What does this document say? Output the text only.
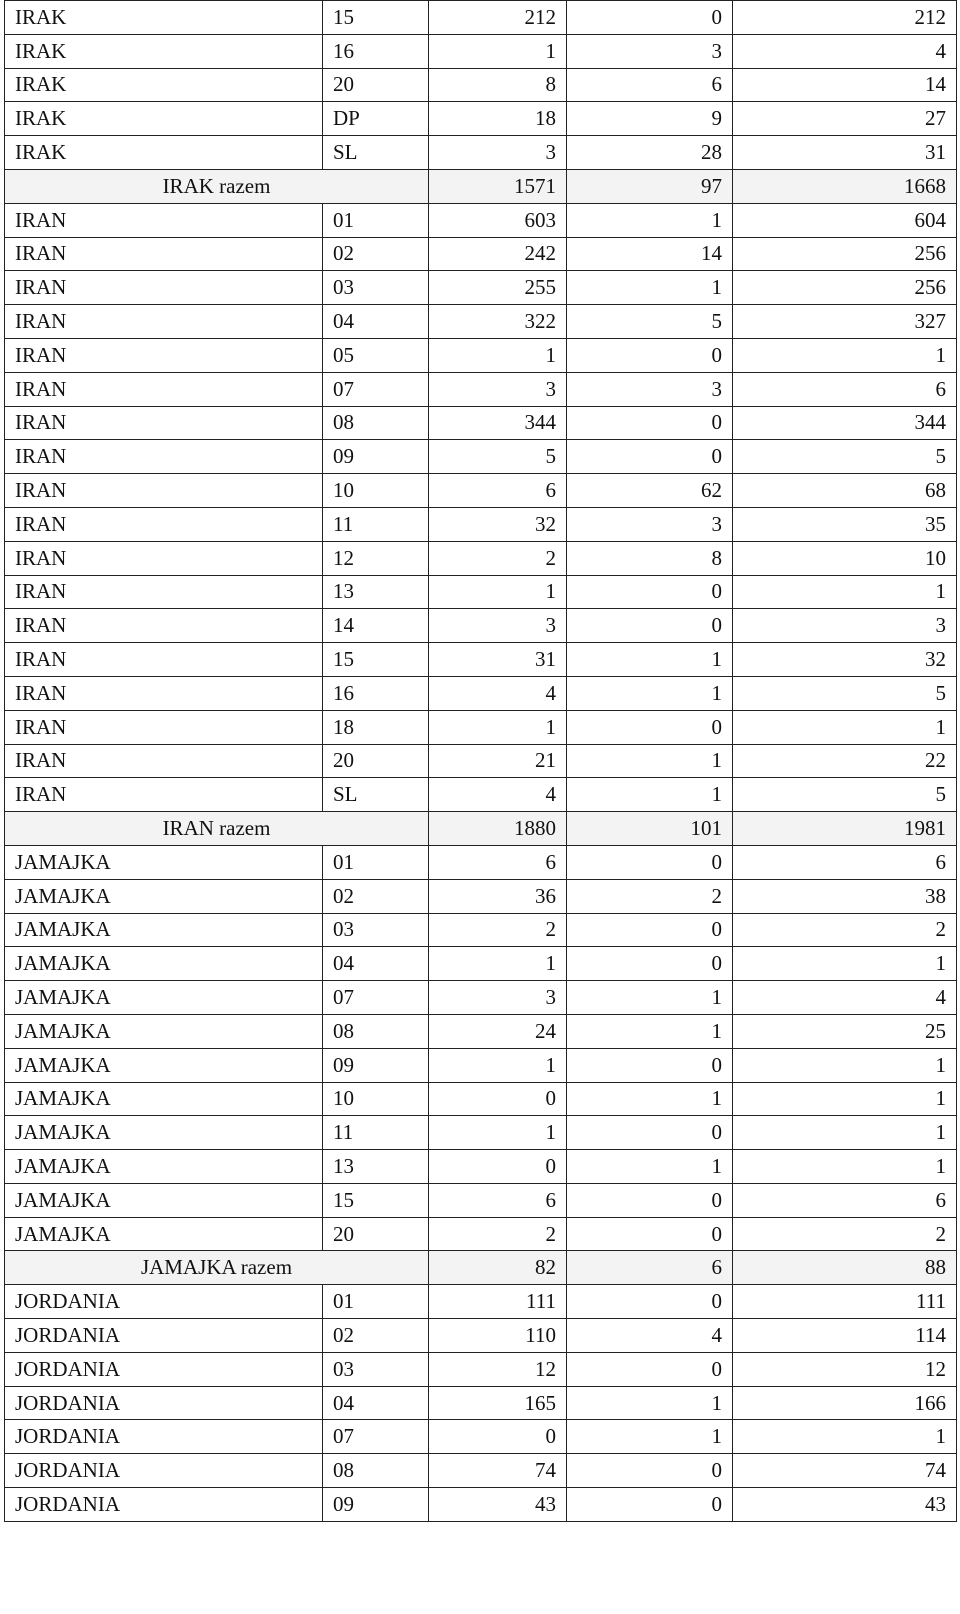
IRAK	15	212	0	212
IRAK	16	1	3	4
IRAK	20	8	6	14
IRAK	DP	18	9	27
IRAK	SL	3	28	31
IRAK razem		1571	97	1668
IRAN	01	603	1	604
IRAN	02	242	14	256
IRAN	03	255	1	256
IRAN	04	322	5	327
IRAN	05	1	0	1
IRAN	07	3	3	6
IRAN	08	344	0	344
IRAN	09	5	0	5
IRAN	10	6	62	68
IRAN	11	32	3	35
IRAN	12	2	8	10
IRAN	13	1	0	1
IRAN	14	3	0	3
IRAN	15	31	1	32
IRAN	16	4	1	5
IRAN	18	1	0	1
IRAN	20	21	1	22
IRAN	SL	4	1	5
IRAN razem		1880	101	1981
JAMAJKA	01	6	0	6
JAMAJKA	02	36	2	38
JAMAJKA	03	2	0	2
JAMAJKA	04	1	0	1
JAMAJKA	07	3	1	4
JAMAJKA	08	24	1	25
JAMAJKA	09	1	0	1
JAMAJKA	10	0	1	1
JAMAJKA	11	1	0	1
JAMAJKA	13	0	1	1
JAMAJKA	15	6	0	6
JAMAJKA	20	2	0	2
JAMAJKA razem		82	6	88
JORDANIA	01	111	0	111
JORDANIA	02	110	4	114
JORDANIA	03	12	0	12
JORDANIA	04	165	1	166
JORDANIA	07	0	1	1
JORDANIA	08	74	0	74
JORDANIA	09	43	0	43
